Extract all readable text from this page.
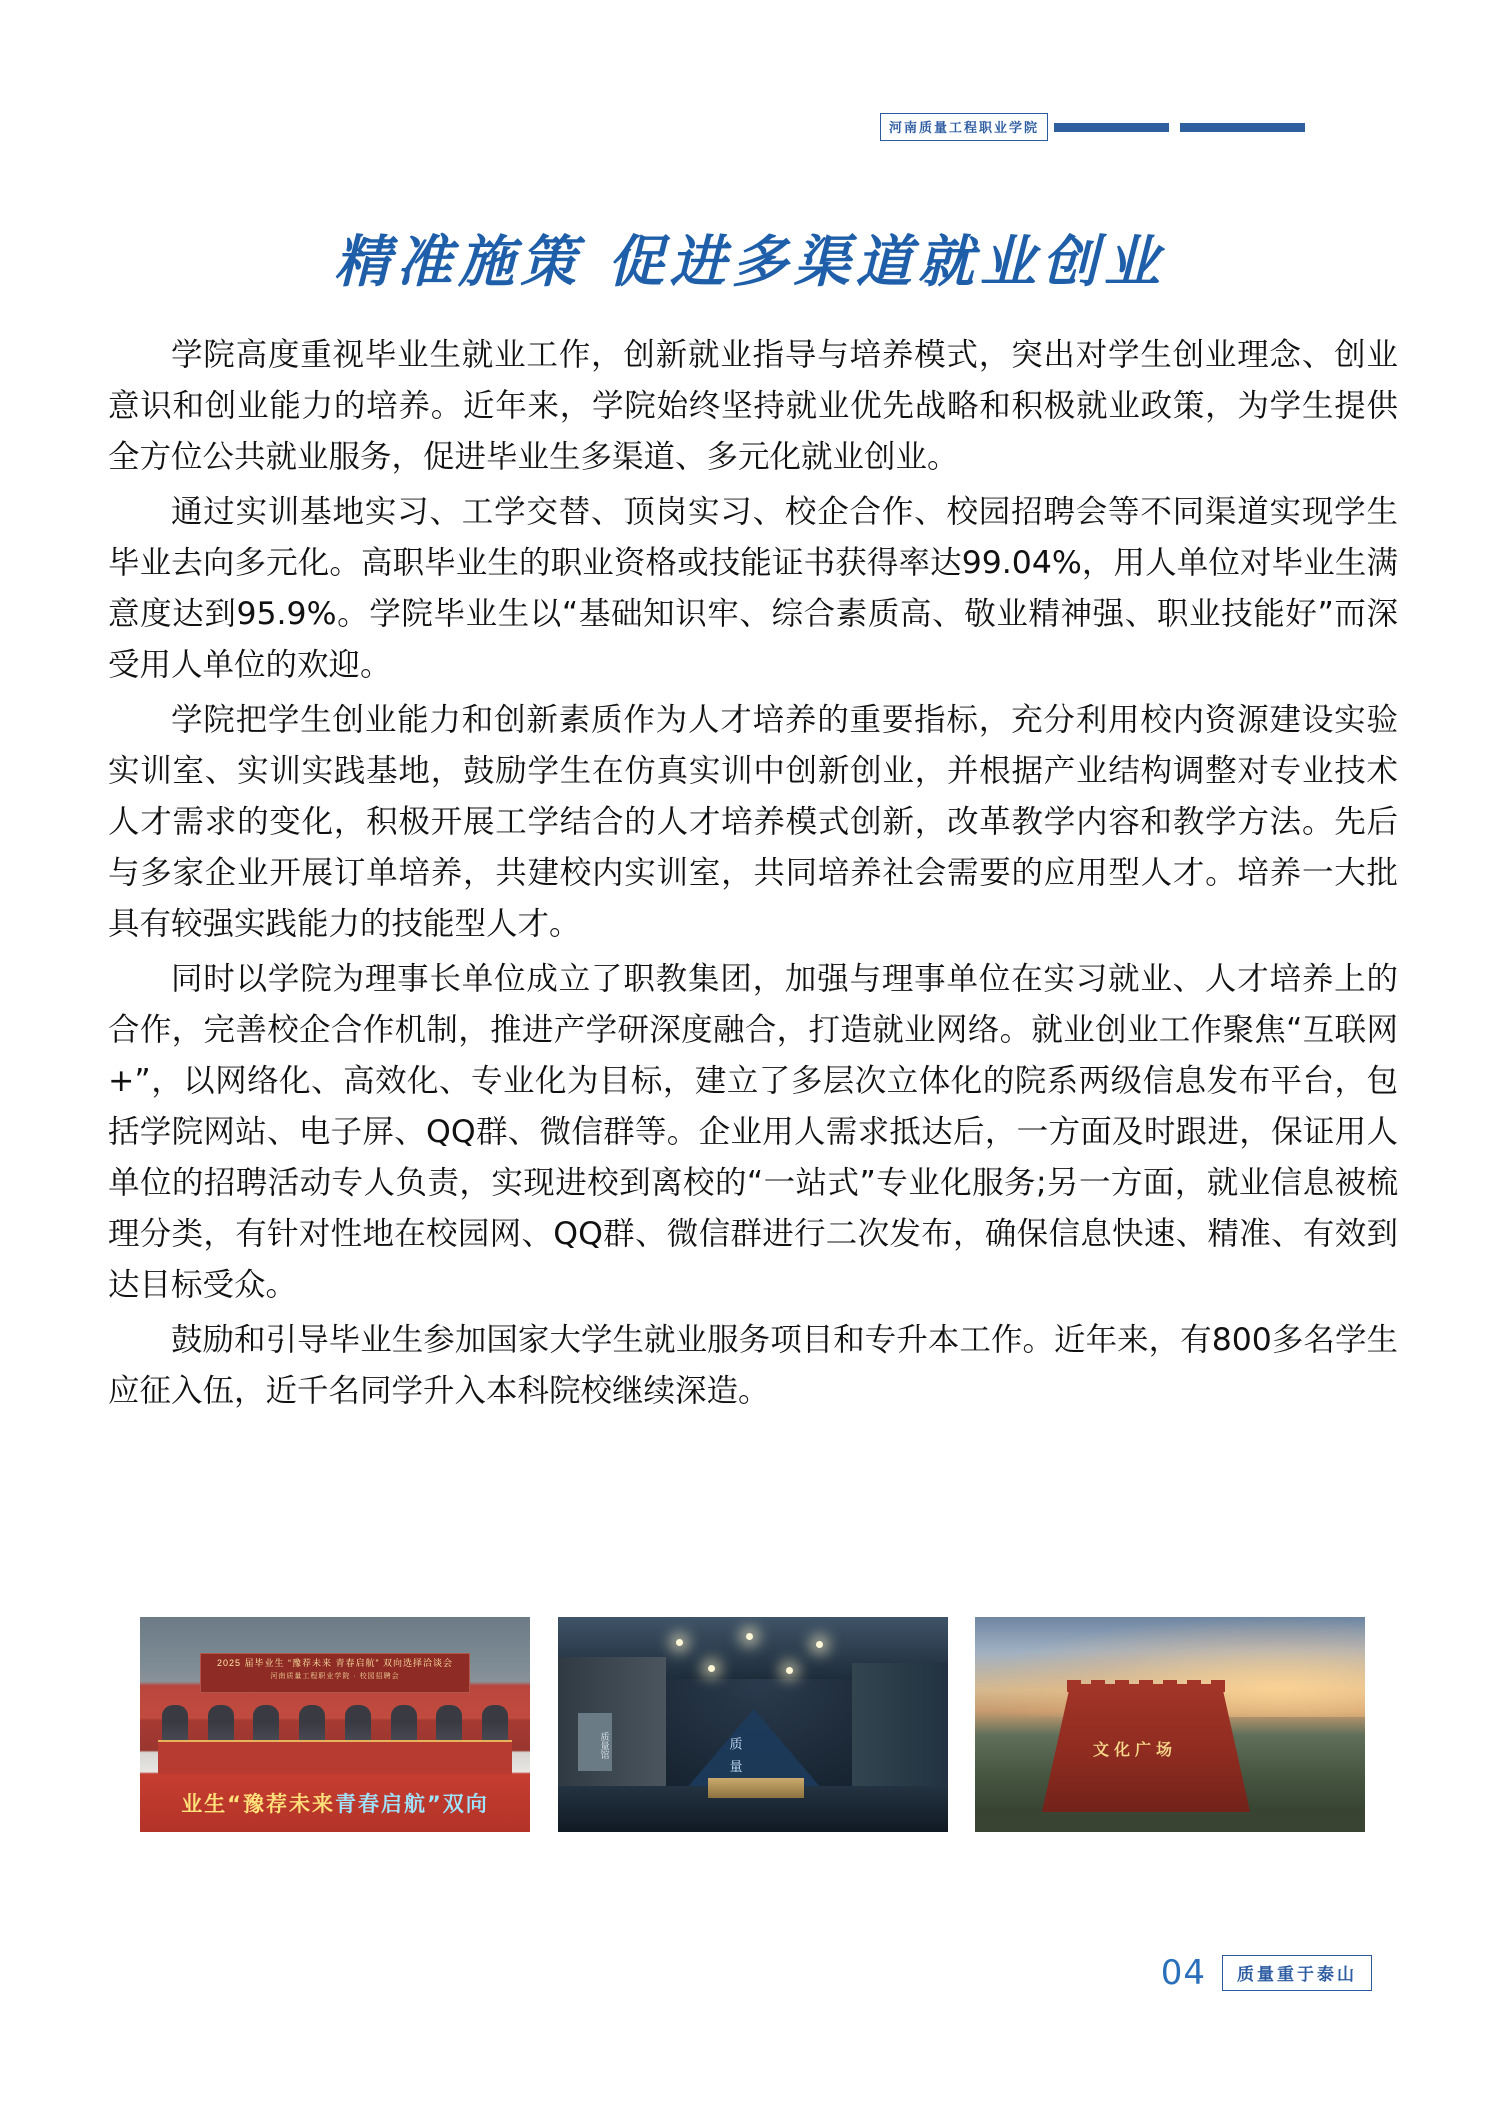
河南质量工程职业学院
精准施策 促进多渠道就业创业

学院高度重视毕业生就业工作，创新就业指导与培养模式，突出对学生创业理念、创业意识和创业能力的培养。近年来，学院始终坚持就业优先战略和积极就业政策，为学生提供全方位公共就业服务，促进毕业生多渠道、多元化就业创业。

通过实训基地实习、工学交替、顶岗实习、校企合作、校园招聘会等不同渠道实现学生毕业去向多元化。高职毕业生的职业资格或技能证书获得率达99.04%，用人单位对毕业生满意度达到95.9%。学院毕业生以“基础知识牢、综合素质高、敬业精神强、职业技能好”而深受用人单位的欢迎。

学院把学生创业能力和创新素质作为人才培养的重要指标，充分利用校内资源建设实验实训室、实训实践基地，鼓励学生在仿真实训中创新创业，并根据产业结构调整对专业技术人才需求的变化，积极开展工学结合的人才培养模式创新，改革教学内容和教学方法。先后与多家企业开展订单培养，共建校内实训室，共同培养社会需要的应用型人才。培养一大批具有较强实践能力的技能型人才。

同时以学院为理事长单位成立了职教集团，加强与理事单位在实习就业、人才培养上的合作，完善校企合作机制，推进产学研深度融合，打造就业网络。就业创业工作聚焦“互联网+”，以网络化、高效化、专业化为目标，建立了多层次立体化的院系两级信息发布平台，包括学院网站、电子屏、QQ群、微信群等。企业用人需求抵达后，一方面及时跟进，保证用人单位的招聘活动专人负责，实现进校到离校的“一站式”专业化服务;另一方面，就业信息被梳理分类，有针对性地在校园网、QQ群、微信群进行二次发布，确保信息快速、精准、有效到达目标受众。

鼓励和引导毕业生参加国家大学生就业服务项目和专升本工作。近年来，有800多名学生应征入伍，近千名同学升入本科院校继续深造。

2025 届毕业生 “豫荐未来 青春启航” 双向选择洽谈会
河南质量工程职业学院 · 校园招聘会
业生“豫荐未来 青春启航”双向
质量馆	质 量	文化广场
04	质量重于泰山
